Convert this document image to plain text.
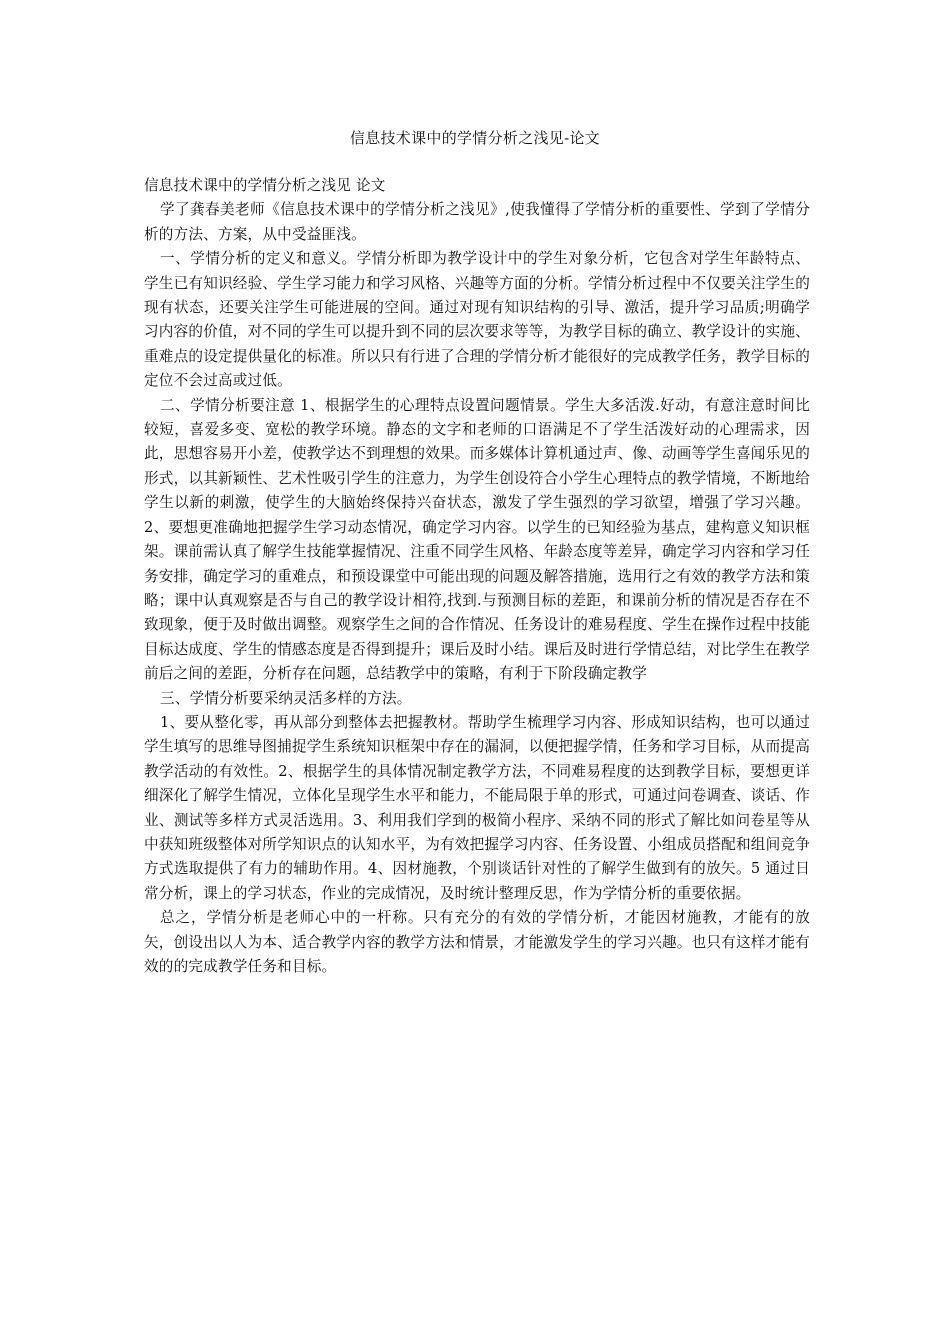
信息技术课中的学情分析之浅见-论文

信息技术课中的学情分析之浅见 论文

学了龚春美老师《信息技术课中的学情分析之浅见》,使我懂得了学情分析的重要性、学到了学情分析的方法、方案，从中受益匪浅。

一、学情分析的定义和意义。学情分析即为教学设计中的学生对象分析，它包含对学生年龄特点、学生已有知识经验、学生学习能力和学习风格、兴趣等方面的分析。学情分析过程中不仅要关注学生的现有状态，还要关注学生可能进展的空间。通过对现有知识结构的引导、激活，提升学习品质;明确学习内容的价值，对不同的学生可以提升到不同的层次要求等等，为教学目标的确立、教学设计的实施、重难点的设定提供量化的标准。所以只有行进了合理的学情分析才能很好的完成教学任务，教学目标的定位不会过高或过低。

二、学情分析要注意 1、根据学生的心理特点设置问题情景。学生大多活泼.好动，有意注意时间比较短，喜爱多变、宽松的教学环境。静态的文字和老师的口语满足不了学生活泼好动的心理需求，因此，思想容易开小差，使教学达不到理想的效果。而多媒体计算机通过声、像、动画等学生喜闻乐见的形式，以其新颖性、艺术性吸引学生的注意力，为学生创设符合小学生心理特点的教学情境，不断地给学生以新的刺激，使学生的大脑始终保持兴奋状态，激发了学生强烈的学习欲望，增强了学习兴趣。2、要想更准确地把握学生学习动态情况，确定学习内容。以学生的已知经验为基点，建构意义知识框架。课前需认真了解学生技能掌握情况、注重不同学生风格、年龄态度等差异，确定学习内容和学习任务安排，确定学习的重难点，和预设课堂中可能出现的问题及解答措施，选用行之有效的教学方法和策略；课中认真观察是否与自己的教学设计相符,找到.与预测目标的差距，和课前分析的情况是否存在不 致现象，便于及时做出调整。观察学生之间的合作情况、任务设计的难易程度、学生在操作过程中技能目标达成度、学生的情感态度是否得到提升；课后及时小结。课后及时进行学情总结，对比学生在教学前后之间的差距，分析存在问题，总结教学中的策略，有利于下阶段确定教学

三、学情分析要采纳灵活多样的方法。

1、要从整化零，再从部分到整体去把握教材。帮助学生梳理学习内容、形成知识结构，也可以通过学生填写的思维导图捕捉学生系统知识框架中存在的漏洞，以便把握学情，任务和学习目标，从而提高教学活动的有效性。2、根据学生的具体情况制定教学方法，不同难易程度的达到教学目标，要想更详细深化了解学生情况，立体化呈现学生水平和能力，不能局限于单的形式，可通过问卷调查、谈话、作业、测试等多样方式灵活选用。3、利用我们学到的极简小程序、采纳不同的形式了解比如问卷星等从中获知班级整体对所学知识点的认知水平，为有效把握学习内容、任务设置、小组成员搭配和组间竞争方式选取提供了有力的辅助作用。4、因材施教，个别谈话针对性的了解学生做到有的放矢。5 通过日常分析，课上的学习状态，作业的完成情况，及时统计整理反思，作为学情分析的重要依据。

总之，学情分析是老师心中的一杆称。只有充分的有效的学情分析，才能因材施教，才能有的放矢，创设出以人为本、适合教学内容的教学方法和情景，才能激发学生的学习兴趣。也只有这样才能有效的的完成教学任务和目标。
